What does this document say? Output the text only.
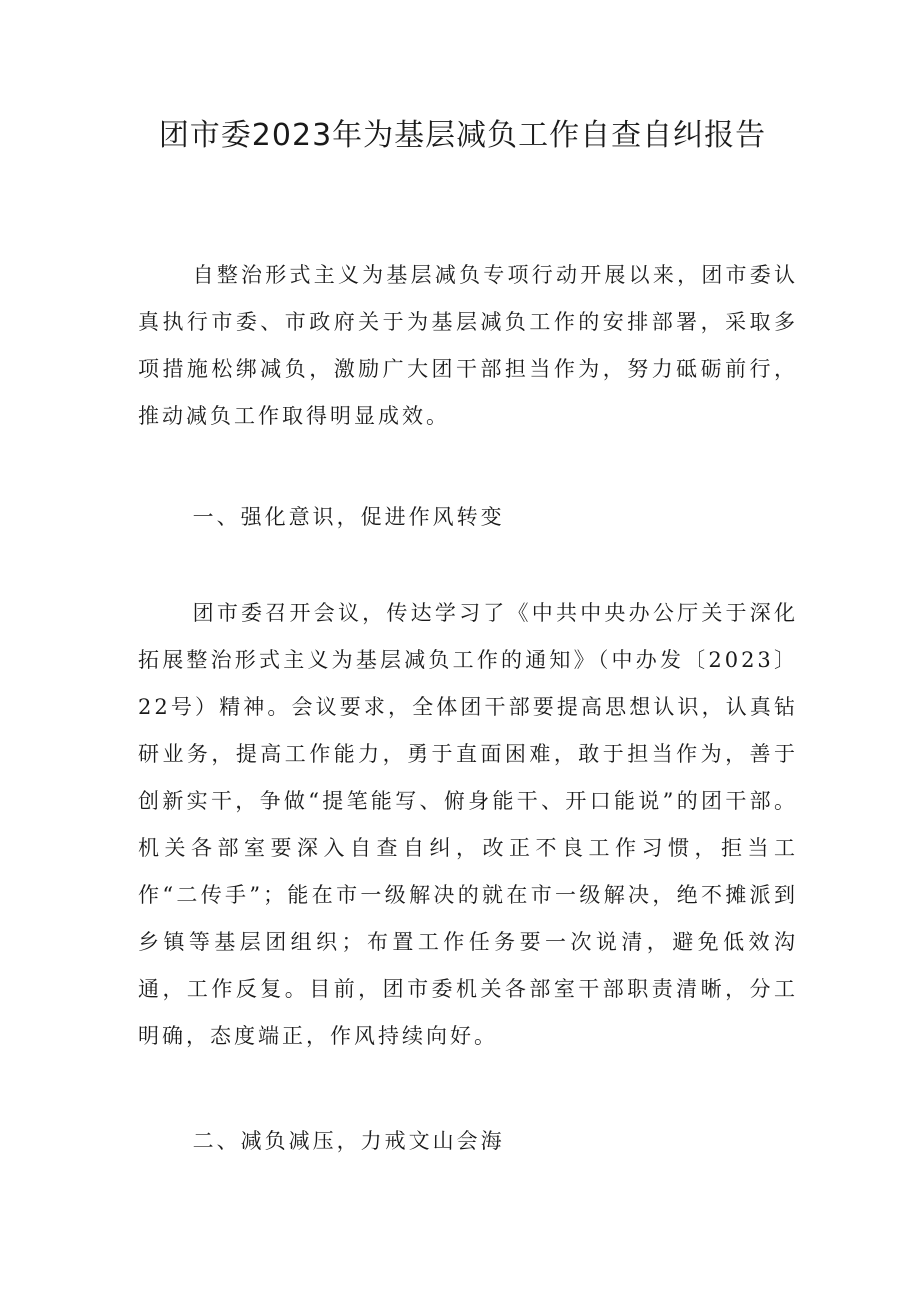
团市委2023年为基层减负工作自查自纠报告

自整治形式主义为基层减负专项行动开展以来，团市委认真执行市委、市政府关于为基层减负工作的安排部署，采取多项措施松绑减负，激励广大团干部担当作为，努力砥砺前行，推动减负工作取得明显成效。

一、强化意识，促进作风转变

团市委召开会议，传达学习了《中共中央办公厅关于深化拓展整治形式主义为基层减负工作的通知》（中办发〔2023〕22号）精神。会议要求，全体团干部要提高思想认识，认真钻研业务，提高工作能力，勇于直面困难，敢于担当作为，善于创新实干，争做“提笔能写、俯身能干、开口能说”的团干部。机关各部室要深入自查自纠，改正不良工作习惯，拒当工作“二传手”；能在市一级解决的就在市一级解决，绝不摊派到乡镇等基层团组织；布置工作任务要一次说清，避免低效沟通，工作反复。目前，团市委机关各部室干部职责清晰，分工明确，态度端正，作风持续向好。

二、减负减压，力戒文山会海
